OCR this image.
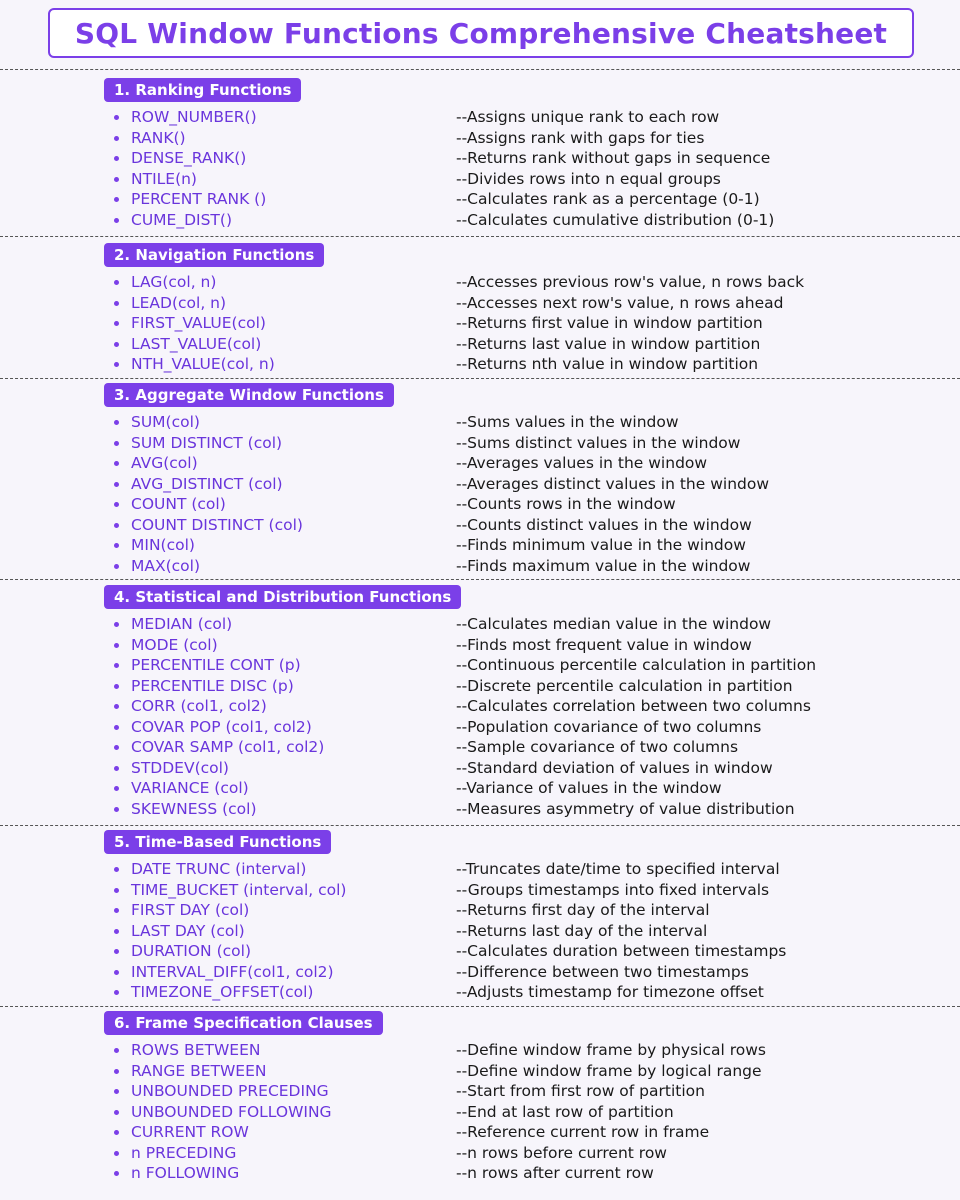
SQL Window Functions Comprehensive Cheatsheet
1. Ranking Functions
ROW_NUMBER()	--Assigns unique rank to each row
RANK()	--Assigns rank with gaps for ties
DENSE_RANK()	--Returns rank without gaps in sequence
NTILE(n)	--Divides rows into n equal groups
PERCENT RANK ()	--Calculates rank as a percentage (0-1)
CUME_DIST()	--Calculates cumulative distribution (0-1)
2. Navigation Functions
LAG(col, n)	--Accesses previous row's value, n rows back
LEAD(col, n)	--Accesses next row's value, n rows ahead
FIRST_VALUE(col)	--Returns first value in window partition
LAST_VALUE(col)	--Returns last value in window partition
NTH_VALUE(col, n)	--Returns nth value in window partition
3. Aggregate Window Functions
SUM(col)	--Sums values in the window
SUM DISTINCT (col)	--Sums distinct values in the window
AVG(col)	--Averages values in the window
AVG_DISTINCT (col)	--Averages distinct values in the window
COUNT (col)	--Counts rows in the window
COUNT DISTINCT (col)	--Counts distinct values in the window
MIN(col)	--Finds minimum value in the window
MAX(col)	--Finds maximum value in the window
4. Statistical and Distribution Functions
MEDIAN (col)	--Calculates median value in the window
MODE (col)	--Finds most frequent value in window
PERCENTILE CONT (p)	--Continuous percentile calculation in partition
PERCENTILE DISC (p)	--Discrete percentile calculation in partition
CORR (col1, col2)	--Calculates correlation between two columns
COVAR POP (col1, col2)	--Population covariance of two columns
COVAR SAMP (col1, col2)	--Sample covariance of two columns
STDDEV(col)	--Standard deviation of values in window
VARIANCE (col)	--Variance of values in the window
SKEWNESS (col)	--Measures asymmetry of value distribution
5. Time-Based Functions
DATE TRUNC (interval)	--Truncates date/time to specified interval
TIME_BUCKET (interval, col)	--Groups timestamps into fixed intervals
FIRST DAY (col)	--Returns first day of the interval
LAST DAY (col)	--Returns last day of the interval
DURATION (col)	--Calculates duration between timestamps
INTERVAL_DIFF(col1, col2)	--Difference between two timestamps
TIMEZONE_OFFSET(col)	--Adjusts timestamp for timezone offset
6. Frame Specification Clauses
ROWS BETWEEN	--Define window frame by physical rows
RANGE BETWEEN	--Define window frame by logical range
UNBOUNDED PRECEDING	--Start from first row of partition
UNBOUNDED FOLLOWING	--End at last row of partition
CURRENT ROW	--Reference current row in frame
n PRECEDING	--n rows before current row
n FOLLOWING	--n rows after current row
